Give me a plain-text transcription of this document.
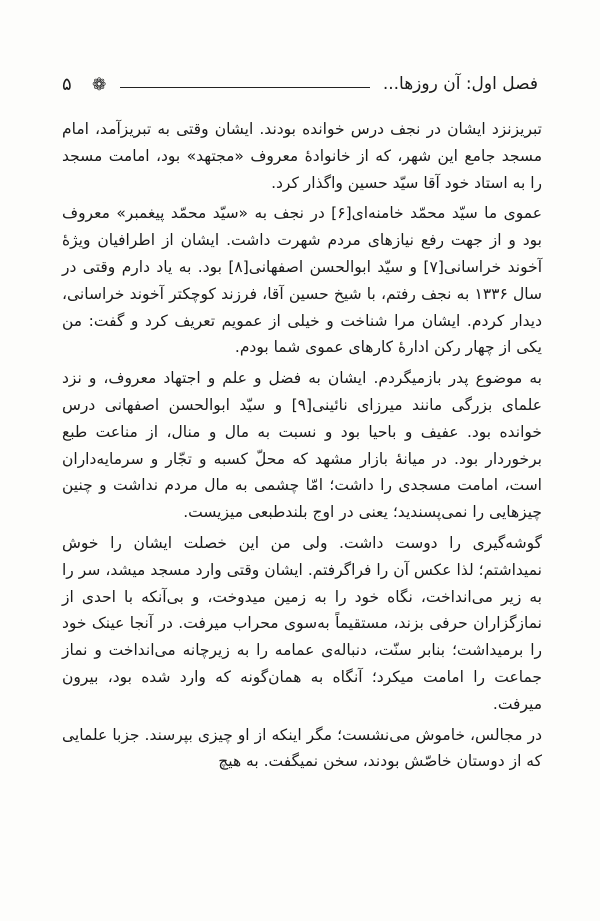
فصل اول: آن روزها...
❁
۵

تبریزنزد ایشان در نجف درس خوانده بودند. ایشان وقتی به تبریزآمد، امام مسجد جامع این شهر، که از خانوادهٔ معروف «مجتهد» بود، امامت مسجد را به استاد خود آقا سیّد حسین واگذار کرد.

عموی ما سیّد محمّد خامنه‌ای[۶] در نجف به «سیّد محمّد پیغمبر» معروف بود و از جهت رفع نیازهای مردم شهرت داشت. ایشان از اطرافیان ویژهٔ آخوند خراسانی[۷] و سیّد ابوالحسن اصفهانی[۸] بود. به یاد دارم وقتی در سال ۱۳۳۶ به نجف رفتم، با شیخ حسین آقا، فرزند کوچکتر آخوند خراسانی، دیدار کردم. ایشان مرا شناخت و خیلی از عمویم تعریف کرد و گفت: من یکی از چهار رکن ادارهٔ کارهای عموی شما بودم.

به موضوع پدر بازمیگردم. ایشان به فضل و علم و اجتهاد معروف، و نزد علمای بزرگی مانند میرزای نائینی[۹] و سیّد ابوالحسن اصفهانی درس خوانده بود. عفیف و باحیا بود و نسبت به مال و منال، از مناعت طبع برخوردار بود. در میانهٔ بازار مشهد که محلّ کسبه و تجّار و سرمایه‌داران است، امامت مسجدی را داشت؛ امّا چشمی به مال مردم نداشت و چنین چیزهایی را نمی‌پسندید؛ یعنی در اوج بلندطبعی میزیست.

گوشه‌گیری را دوست داشت. ولی من این خصلت ایشان را خوش نمیداشتم؛ لذا عکس آن را فراگرفتم. ایشان وقتی وارد مسجد میشد، سر را به زیر می‌انداخت، نگاه خود را به زمین میدوخت، و بی‌آنکه با احدی از نمازگزاران حرفی بزند، مستقیماً به‌سوی محراب میرفت. در آنجا عینک خود را برمیداشت؛ بنابر سنّت، دنباله‌ی عمامه را به زیرچانه می‌انداخت و نماز جماعت را امامت میکرد؛ آنگاه به همان‌گونه که وارد شده بود، بیرون میرفت.

در مجالس، خاموش می‌نشست؛ مگر اینکه از او چیزی بپرسند. جزبا علمایی که از دوستان خاصّش بودند، سخن نمیگفت. به هیچ
